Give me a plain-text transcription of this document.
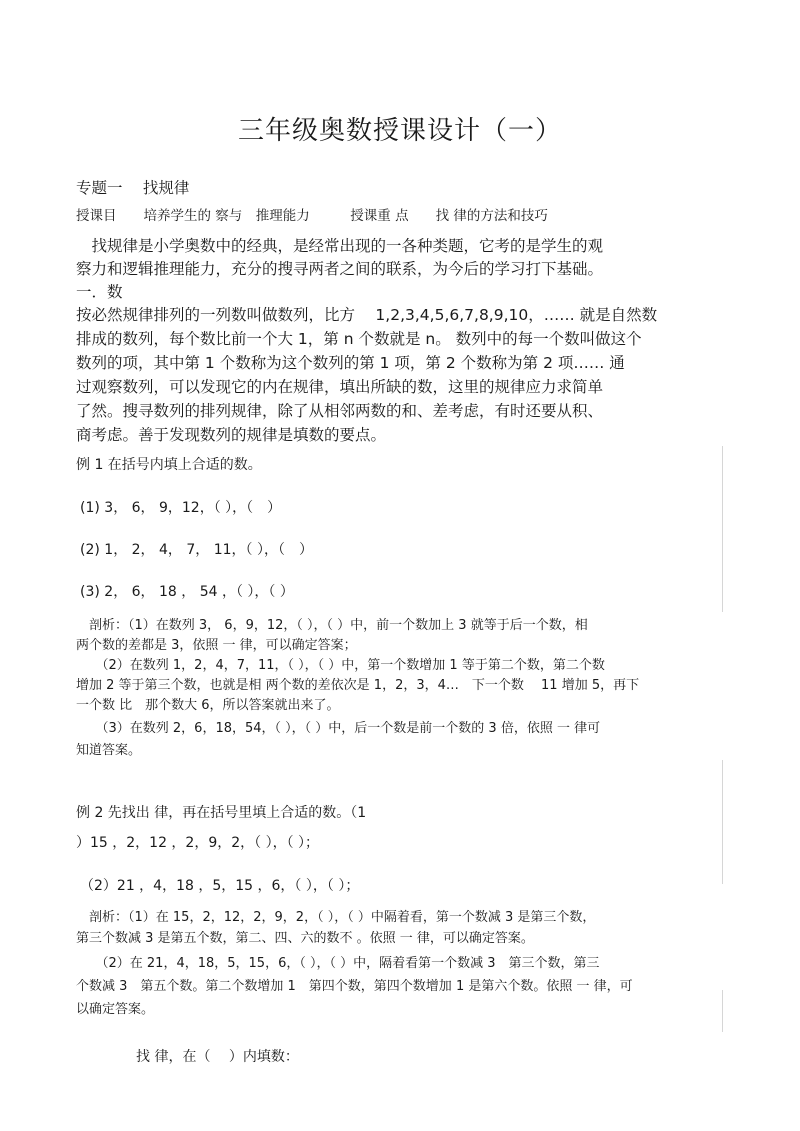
三年级奥数授课设计（一）
专题一　 找规律
授课目　　培养学生的 察与　推理能力　　　授课重 点　　找 律的方法和技巧
　找规律是小学奥数中的经典，是经常出现的一各种类题，它考的是学生的观
察力和逻辑推理能力，充分的搜寻两者之间的联系，为今后的学习打下基础。
一．数
按必然规律排列的一列数叫做数列，比方　 1,2,3,4,5,6,7,8,9,10，…… 就是自然数
排成的数列，每个数比前一个大 1，第 n 个数就是 n。 数列中的每一个数叫做这个
数列的项，其中第 1 个数称为这个数列的第 1 项，第 2 个数称为第 2 项…… 通
过观察数列，可以发现它的内在规律，填出所缺的数，这里的规律应力求简单
了然。搜寻数列的排列规律，除了从相邻两数的和、差考虑，有时还要从积、
商考虑。善于发现数列的规律是填数的要点。
例 1 在括号内填上合适的数。
(1) 3， 6， 9，12，（ ），（　）
(2) 1， 2， 4， 7， 11，（ ），（　）
(3) 2， 6， 18 ， 54 ，（ ），（ ）
　剖析：（1）在数列 3， 6，9，12，（ ），（ ）中，前一个数加上 3 就等于后一个数，相
两个数的差都是 3，依照 一 律，可以确定答案；
　　（2）在数列 1，2，4，7，11，（ ），（ ）中，第一个数增加 1 等于第二个数，第二个数
增加 2 等于第三个数，也就是相 两个数的差依次是 1，2，3，4…　下一个数　 11 增加 5，再下
一个数 比　那个数大 6，所以答案就出来了。
　　（3）在数列 2，6，18，54，（ ），（ ）中，后一个数是前一个数的 3 倍，依照 一 律可
知道答案。
例 2 先找出 律，再在括号里填上合适的数。（1
）15 ，2，12 ，2，9，2，（ ），（ ）；
（2）21 ，4，18 ，5，15 ，6，（ ），（ ）；
　剖析：（1）在 15，2，12，2，9，2，（ ），（ ）中隔着看，第一个数减 3 是第三个数，
第三个数减 3 是第五个数，第二、四、六的数不 。依照 一 律，可以确定答案。
　　（2）在 21，4，18，5，15，6，（ ），（ ）中，隔着看第一个数减 3　第三个数，第三
个数减 3　第五个数。第二个数增加 1　第四个数，第四个数增加 1 是第六个数。依照 一 律，可
以确定答案。
找 律，在（　 ）内填数：
